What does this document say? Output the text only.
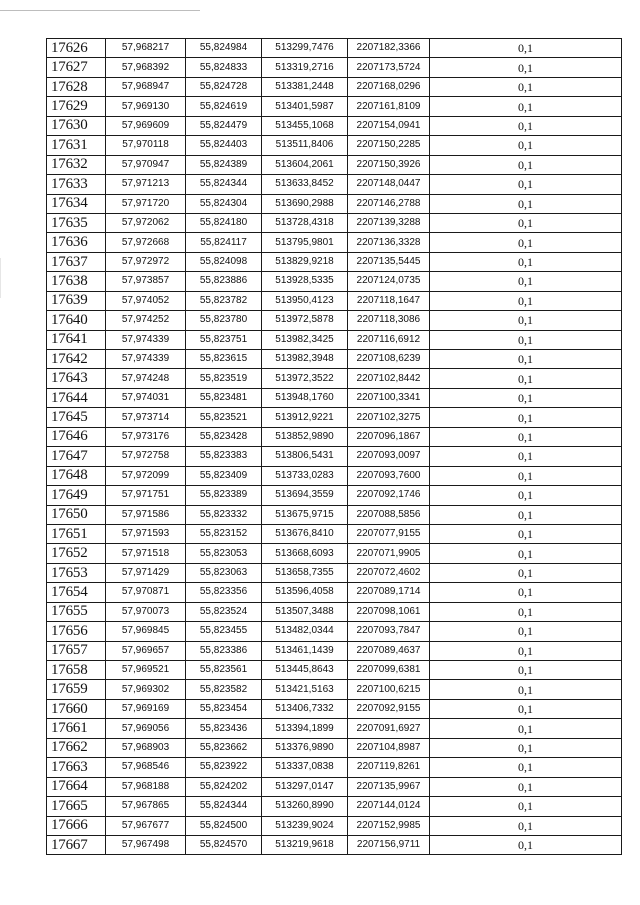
17626	57,968217	55,824984	513299,7476	2207182,3366	0,1
17627	57,968392	55,824833	513319,2716	2207173,5724	0,1
17628	57,968947	55,824728	513381,2448	2207168,0296	0,1
17629	57,969130	55,824619	513401,5987	2207161,8109	0,1
17630	57,969609	55,824479	513455,1068	2207154,0941	0,1
17631	57,970118	55,824403	513511,8406	2207150,2285	0,1
17632	57,970947	55,824389	513604,2061	2207150,3926	0,1
17633	57,971213	55,824344	513633,8452	2207148,0447	0,1
17634	57,971720	55,824304	513690,2988	2207146,2788	0,1
17635	57,972062	55,824180	513728,4318	2207139,3288	0,1
17636	57,972668	55,824117	513795,9801	2207136,3328	0,1
17637	57,972972	55,824098	513829,9218	2207135,5445	0,1
17638	57,973857	55,823886	513928,5335	2207124,0735	0,1
17639	57,974052	55,823782	513950,4123	2207118,1647	0,1
17640	57,974252	55,823780	513972,5878	2207118,3086	0,1
17641	57,974339	55,823751	513982,3425	2207116,6912	0,1
17642	57,974339	55,823615	513982,3948	2207108,6239	0,1
17643	57,974248	55,823519	513972,3522	2207102,8442	0,1
17644	57,974031	55,823481	513948,1760	2207100,3341	0,1
17645	57,973714	55,823521	513912,9221	2207102,3275	0,1
17646	57,973176	55,823428	513852,9890	2207096,1867	0,1
17647	57,972758	55,823383	513806,5431	2207093,0097	0,1
17648	57,972099	55,823409	513733,0283	2207093,7600	0,1
17649	57,971751	55,823389	513694,3559	2207092,1746	0,1
17650	57,971586	55,823332	513675,9715	2207088,5856	0,1
17651	57,971593	55,823152	513676,8410	2207077,9155	0,1
17652	57,971518	55,823053	513668,6093	2207071,9905	0,1
17653	57,971429	55,823063	513658,7355	2207072,4602	0,1
17654	57,970871	55,823356	513596,4058	2207089,1714	0,1
17655	57,970073	55,823524	513507,3488	2207098,1061	0,1
17656	57,969845	55,823455	513482,0344	2207093,7847	0,1
17657	57,969657	55,823386	513461,1439	2207089,4637	0,1
17658	57,969521	55,823561	513445,8643	2207099,6381	0,1
17659	57,969302	55,823582	513421,5163	2207100,6215	0,1
17660	57,969169	55,823454	513406,7332	2207092,9155	0,1
17661	57,969056	55,823436	513394,1899	2207091,6927	0,1
17662	57,968903	55,823662	513376,9890	2207104,8987	0,1
17663	57,968546	55,823922	513337,0838	2207119,8261	0,1
17664	57,968188	55,824202	513297,0147	2207135,9967	0,1
17665	57,967865	55,824344	513260,8990	2207144,0124	0,1
17666	57,967677	55,824500	513239,9024	2207152,9985	0,1
17667	57,967498	55,824570	513219,9618	2207156,9711	0,1
